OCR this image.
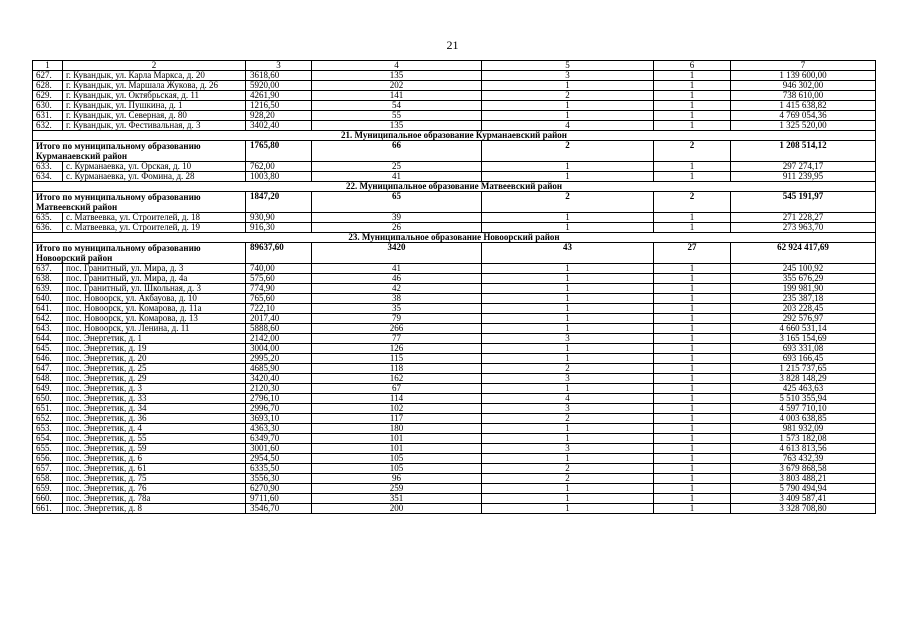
21
1	2	3	4	5	6	7
627.	г. Кувандык, ул. Карла Маркса, д. 20	3618,60	135	3	1	1 139 600,00
628.	г. Кувандык, ул. Маршала Жукова, д. 26	5920,00	202	1	1	946 302,00
629.	г. Кувандык, ул. Октябрьская, д. 11	4261,90	141	2	1	738 610,00
630.	г. Кувандык, ул. Пушкина, д. 1	1216,50	54	1	1	1 415 638,82
631.	г. Кувандык, ул. Северная, д. 80	928,20	55	1	1	4 769 054,36
632.	г. Кувандык, ул. Фестивальная, д. 3	3402,40	135	4	1	1 325 520,00
21. Муниципальное образование Курманаевский район						
Итого по муниципальному образованию Курманаевский район		1765,80	66	2	2	1 208 514,12
633.	с. Курманаевка, ул. Орская, д. 10	762,00	25	1	1	297 274,17
634.	с. Курманаевка, ул. Фомина, д. 28	1003,80	41	1	1	911 239,95
22. Муниципальное образование Матвеевский район						
Итого по муниципальному образованию Матвеевский район		1847,20	65	2	2	545 191,97
635.	с. Матвеевка, ул. Строителей, д. 18	930,90	39	1	1	271 228,27
636.	с. Матвеевка, ул. Строителей, д. 19	916,30	26	1	1	273 963,70
23. Муниципальное образование Новоорский район						
Итого по муниципальному образованию Новоорский район		89637,60	3420	43	27	62 924 417,69
637.	пос. Гранитный, ул. Мира, д. 3	740,00	41	1	1	245 100,92
638.	пос. Гранитный, ул. Мира, д. 4а	575,60	46	1	1	355 676,29
639.	пос. Гранитный, ул. Школьная, д. 3	774,90	42	1	1	199 981,90
640.	пос. Новоорск, ул. Акбауова, д. 10	765,60	38	1	1	235 387,18
641.	пос. Новоорск, ул. Комарова, д. 11а	722,10	35	1	1	203 228,45
642.	пос. Новоорск, ул. Комарова, д. 13	2017,40	79	1	1	292 576,97
643.	пос. Новоорск, ул. Ленина, д. 11	5888,60	266	1	1	4 660 531,14
644.	пос. Энергетик, д. 1	2142,00	77	3	1	3 165 154,69
645.	пос. Энергетик, д. 19	3004,00	126	1	1	693 331,08
646.	пос. Энергетик, д. 20	2995,20	115	1	1	693 166,45
647.	пос. Энергетик, д. 25	4685,90	118	2	1	1 215 737,65
648.	пос. Энергетик, д. 29	3420,40	162	3	1	3 828 148,29
649.	пос. Энергетик, д. 3	2120,30	67	1	1	425 463,63
650.	пос. Энергетик, д. 33	2796,10	114	4	1	5 510 355,94
651.	пос. Энергетик, д. 34	2996,70	102	3	1	4 597 710,10
652.	пос. Энергетик, д. 36	3693,10	117	2	1	4 003 638,85
653.	пос. Энергетик, д. 4	4363,30	180	1	1	981 932,09
654.	пос. Энергетик, д. 55	6349,70	101	1	1	1 573 182,08
655.	пос. Энергетик, д. 59	3001,60	101	3	1	4 613 813,56
656.	пос. Энергетик, д. 6	2954,50	105	1	1	763 432,39
657.	пос. Энергетик, д. 61	6335,50	105	2	1	3 679 868,58
658.	пос. Энергетик, д. 75	3556,30	96	2	1	3 803 488,21
659.	пос. Энергетик, д. 76	6270,90	259	1	1	5 790 494,94
660.	пос. Энергетик, д. 78а	9711,60	351	1	1	3 409 587,41
661.	пос. Энергетик, д. 8	3546,70	200	1	1	3 328 708,80
